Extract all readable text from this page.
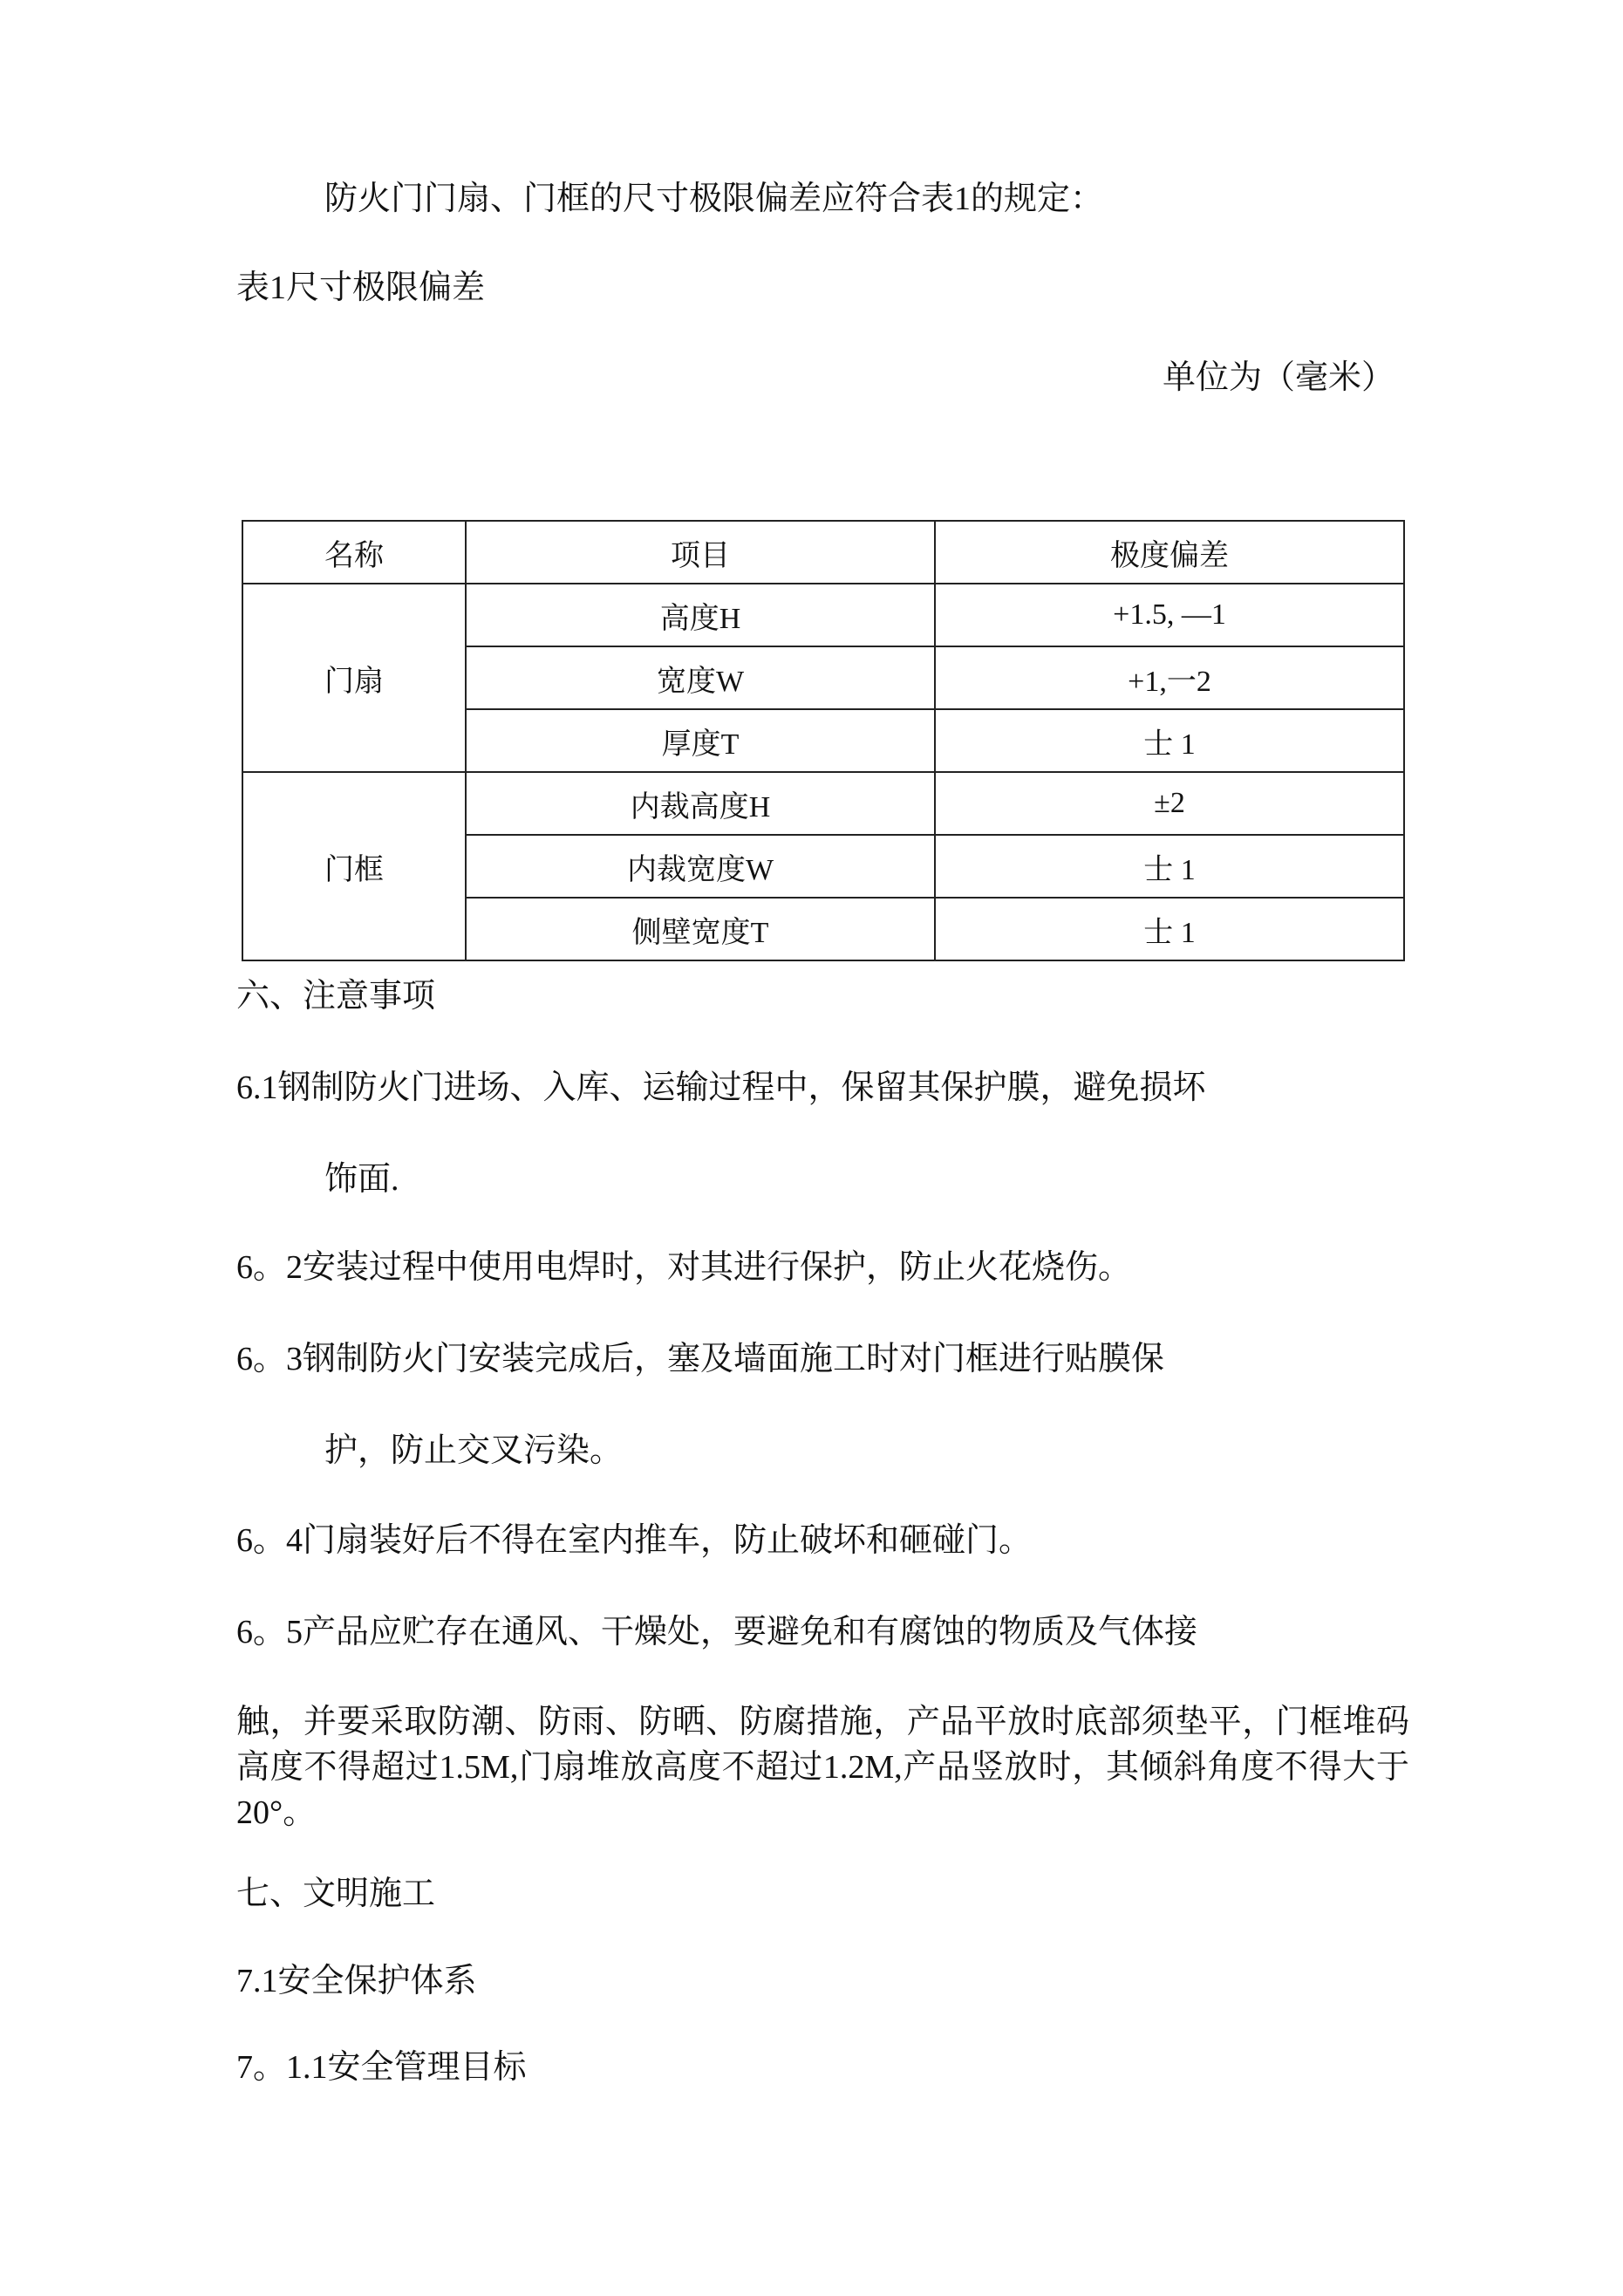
防火门门扇、门框的尺寸极限偏差应符合表1的规定：
表1尺寸极限偏差
单位为（毫米）
名称	项目	极度偏差
门扇	高度H	+1.5, —1
	宽度W	+1,一2
	厚度T	士 1
门框	内裁高度H	±2
	内裁宽度W	士 1
	侧壁宽度T	士 1
六、注意事项
6.1钢制防火门进场、入库、运输过程中，保留其保护膜，避免损坏
饰面.
6。2安装过程中使用电焊时，对其进行保护，防止火花烧伤。
6。3钢制防火门安装完成后，塞及墙面施工时对门框进行贴膜保
护，防止交叉污染。
6。4门扇装好后不得在室内推车，防止破坏和砸碰门。
6。5产品应贮存在通风、干燥处，要避免和有腐蚀的物质及气体接
触，并要采取防潮、防雨、防晒、防腐措施，产品平放时底部须垫平，门框堆码高度不得超过1.5M,门扇堆放高度不超过1.2M,产品竖放时，其倾斜角度不得大于20°。
七、文明施工
7.1安全保护体系
7。1.1安全管理目标
